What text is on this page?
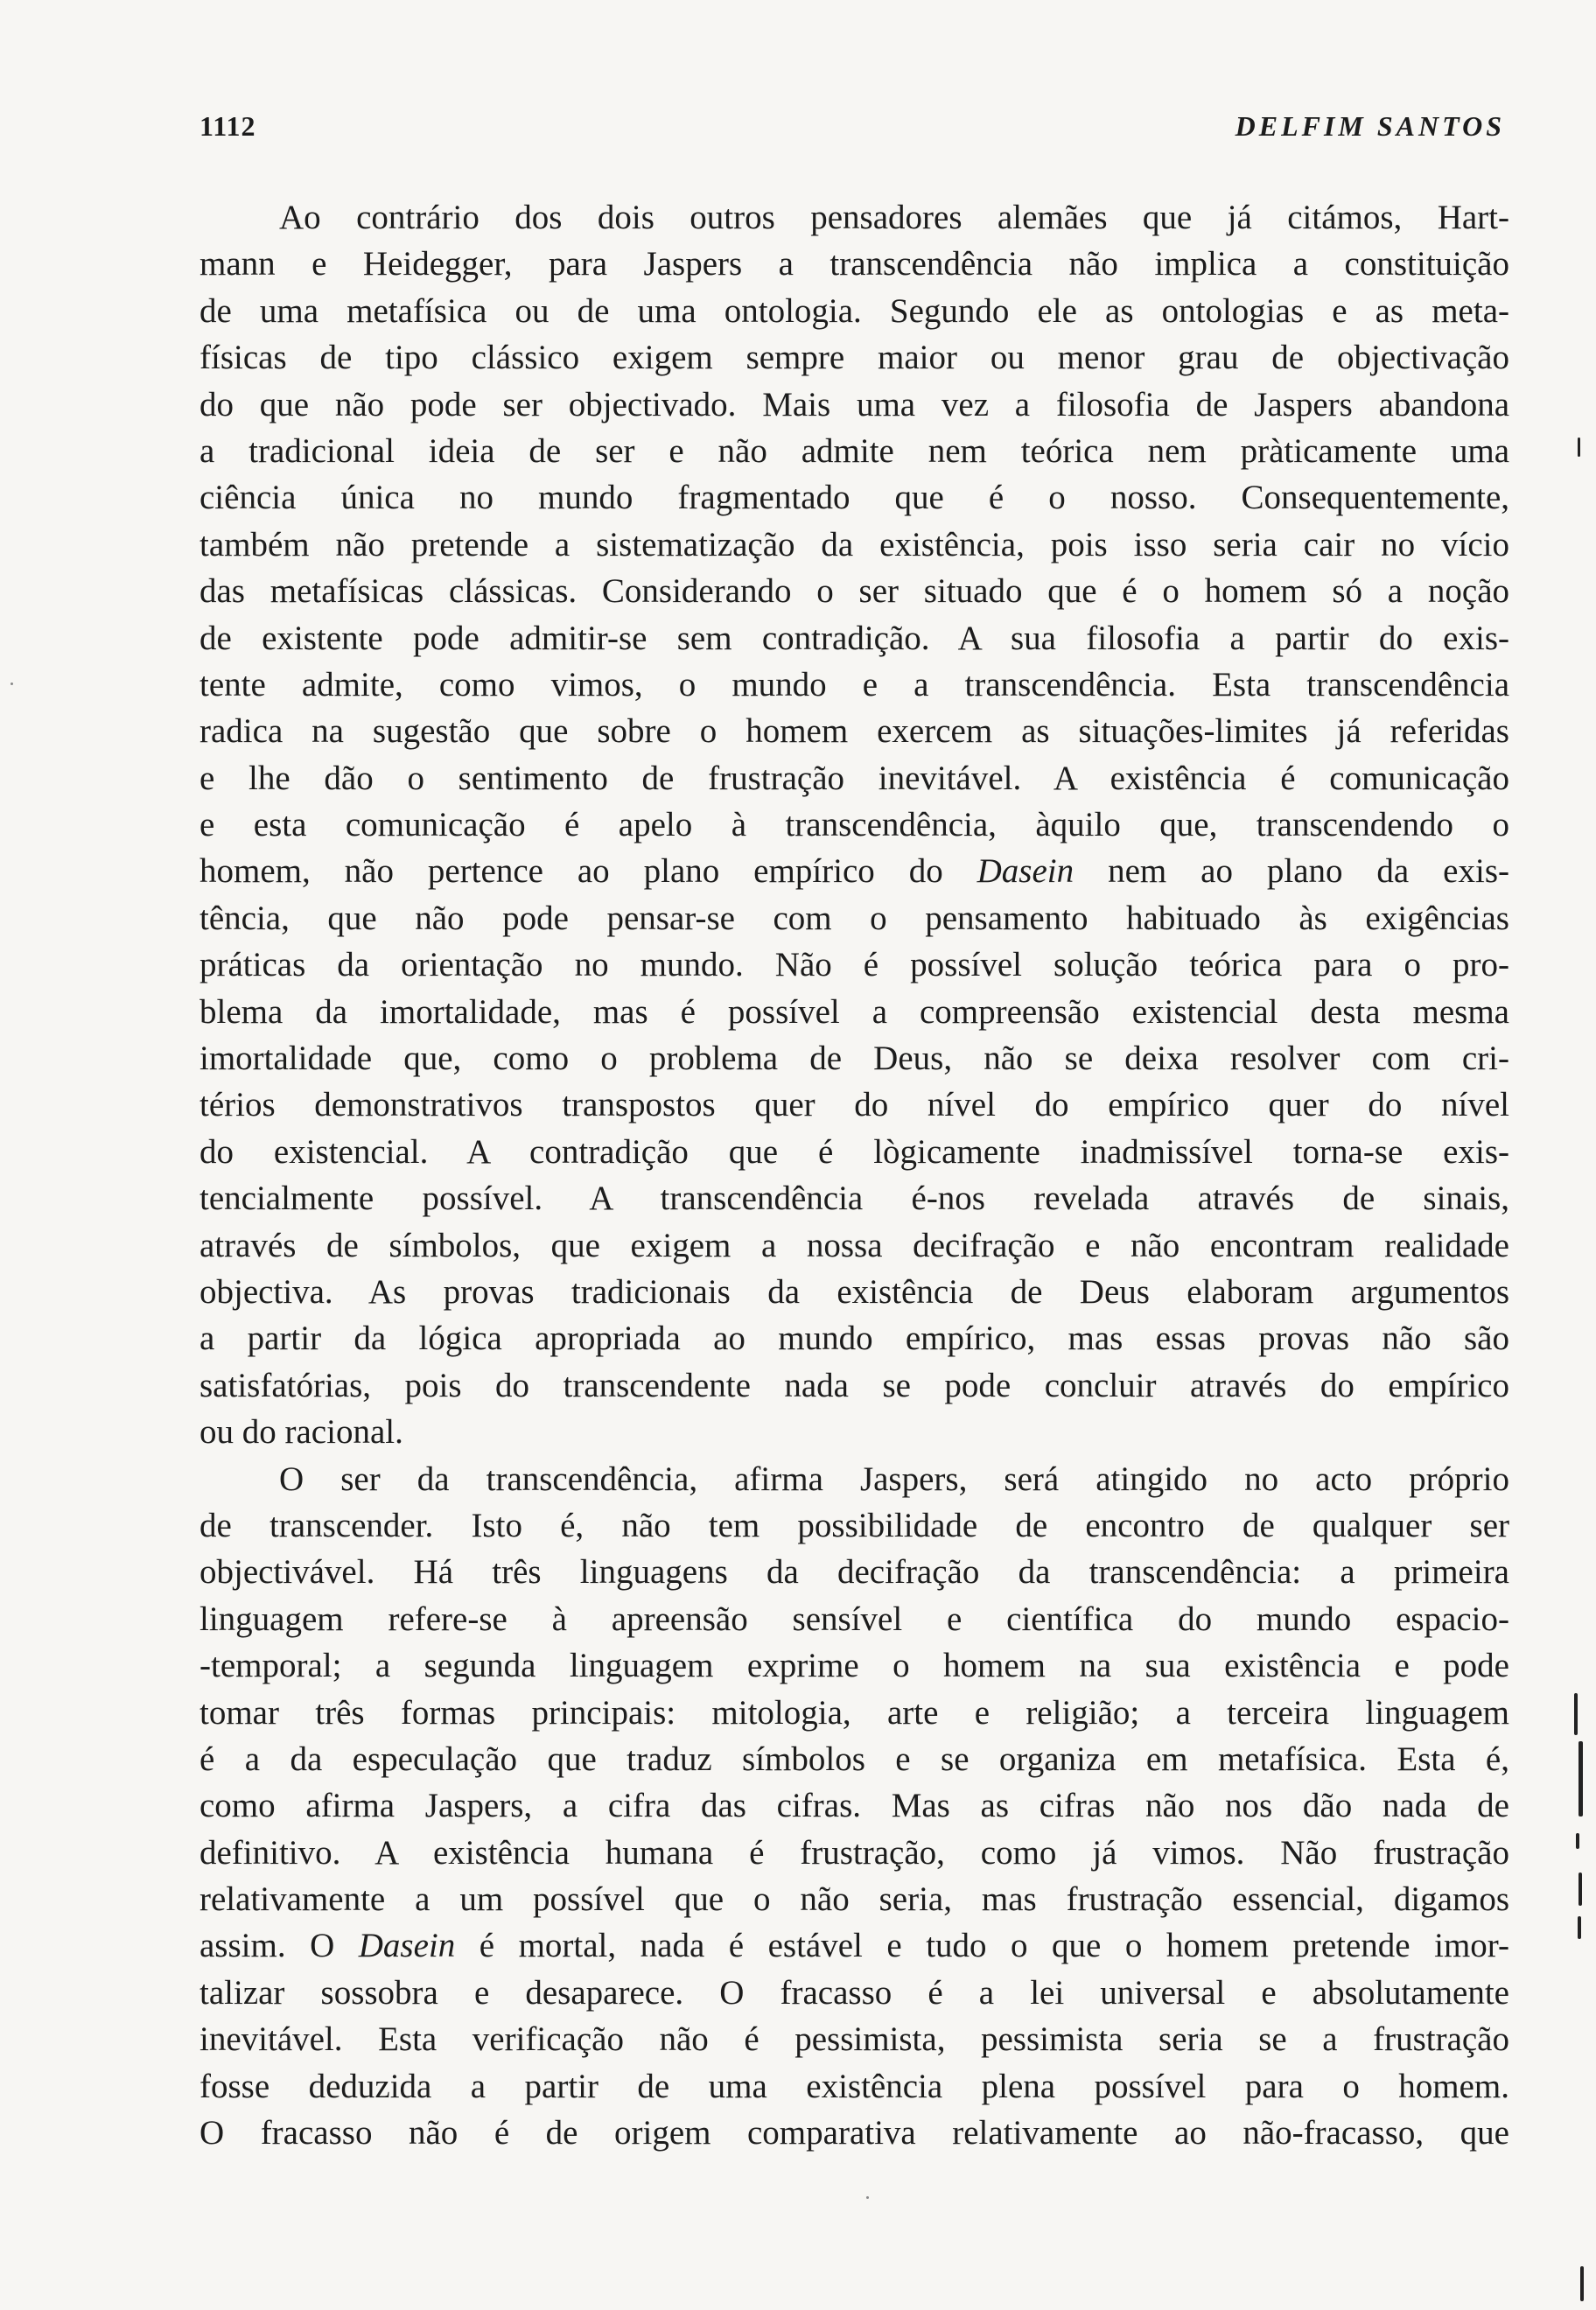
1112	DELFIM SANTOS
Ao contrário dos dois outros pensadores alemães que já citámos, Hart-
mann e Heidegger, para Jaspers a transcendência não implica a constituição
de uma metafísica ou de uma ontologia. Segundo ele as ontologias e as meta-
físicas de tipo clássico exigem sempre maior ou menor grau de objectivação
do que não pode ser objectivado. Mais uma vez a filosofia de Jaspers abandona
a tradicional ideia de ser e não admite nem teórica nem pràticamente uma
ciência única no mundo fragmentado que é o nosso. Consequentemente,
também não pretende a sistematização da existência, pois isso seria cair no vício
das metafísicas clássicas. Considerando o ser situado que é o homem só a noção
de existente pode admitir-se sem contradição. A sua filosofia a partir do exis-
tente admite, como vimos, o mundo e a transcendência. Esta transcendência
radica na sugestão que sobre o homem exercem as situações-limites já referidas
e lhe dão o sentimento de frustração inevitável. A existência é comunicação
e esta comunicação é apelo à transcendência, àquilo que, transcendendo o
homem, não pertence ao plano empírico do Dasein nem ao plano da exis-
tência, que não pode pensar-se com o pensamento habituado às exigências
práticas da orientação no mundo. Não é possível solução teórica para o pro-
blema da imortalidade, mas é possível a compreensão existencial desta mesma
imortalidade que, como o problema de Deus, não se deixa resolver com cri-
térios demonstrativos transpostos quer do nível do empírico quer do nível
do existencial. A contradição que é lògicamente inadmissível torna-se exis-
tencialmente possível. A transcendência é-nos revelada através de sinais,
através de símbolos, que exigem a nossa decifração e não encontram realidade
objectiva. As provas tradicionais da existência de Deus elaboram argumentos
a partir da lógica apropriada ao mundo empírico, mas essas provas não são
satisfatórias, pois do transcendente nada se pode concluir através do empírico
ou do racional.
O ser da transcendência, afirma Jaspers, será atingido no acto próprio
de transcender. Isto é, não tem possibilidade de encontro de qualquer ser
objectivável. Há três linguagens da decifração da transcendência: a primeira
linguagem refere-se à apreensão sensível e científica do mundo espacio-
-temporal; a segunda linguagem exprime o homem na sua existência e pode
tomar três formas principais: mitologia, arte e religião; a terceira linguagem
é a da especulação que traduz símbolos e se organiza em metafísica. Esta é,
como afirma Jaspers, a cifra das cifras. Mas as cifras não nos dão nada de
definitivo. A existência humana é frustração, como já vimos. Não frustração
relativamente a um possível que o não seria, mas frustração essencial, digamos
assim. O Dasein é mortal, nada é estável e tudo o que o homem pretende imor-
talizar sossobra e desaparece. O fracasso é a lei universal e absolutamente
inevitável. Esta verificação não é pessimista, pessimista seria se a frustração
fosse deduzida a partir de uma existência plena possível para o homem.
O fracasso não é de origem comparativa relativamente ao não-fracasso, que
